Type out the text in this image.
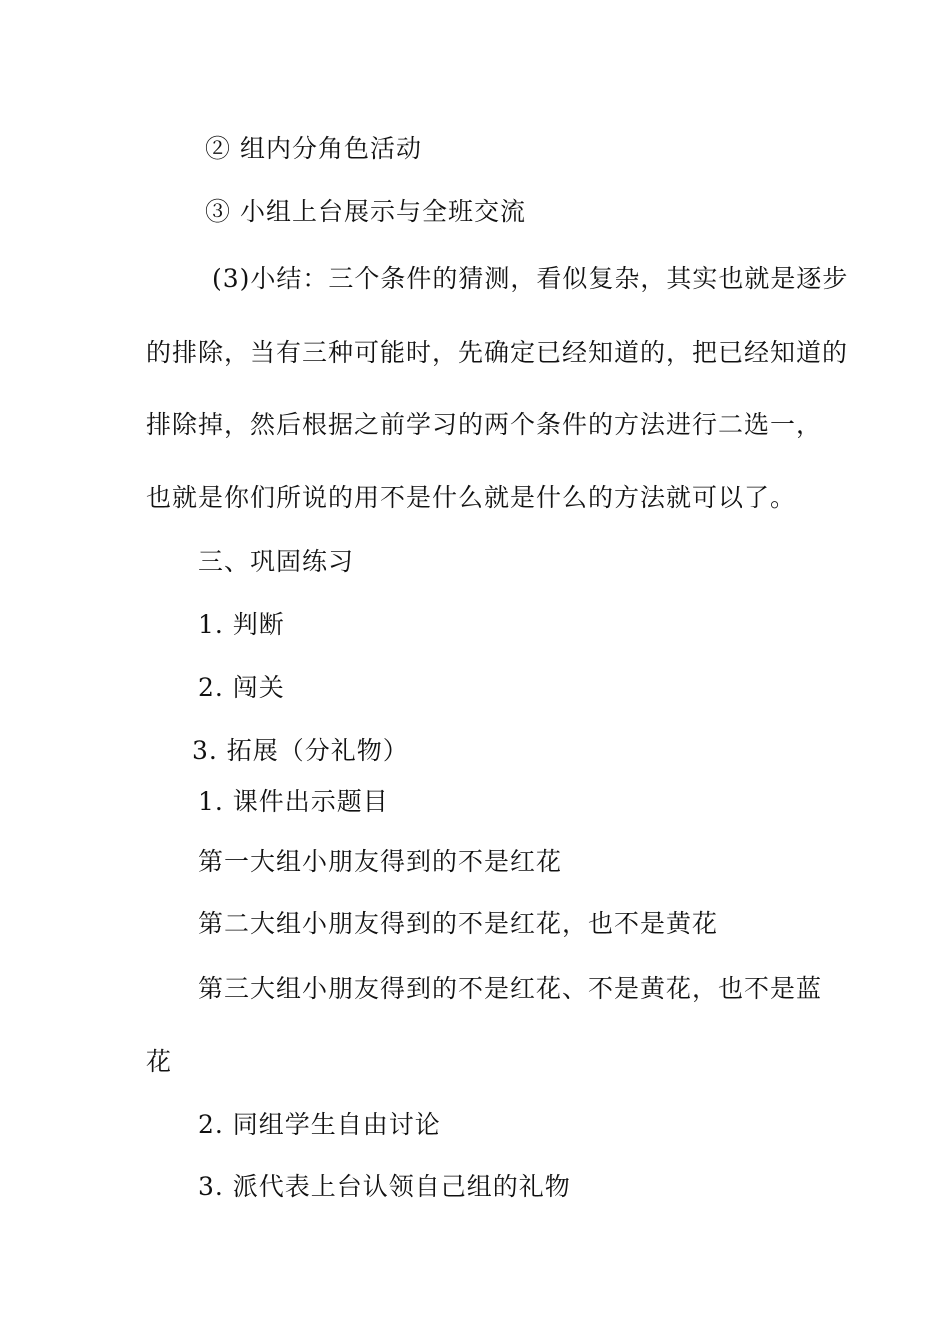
② 组内分角色活动
③ 小组上台展示与全班交流
(3)小结：三个条件的猜测，看似复杂，其实也就是逐步
的排除，当有三种可能时，先确定已经知道的，把已经知道的
排除掉，然后根据之前学习的两个条件的方法进行二选一，
也就是你们所说的用不是什么就是什么的方法就可以了。
三、巩固练习
1. 判断
2. 闯关
3. 拓展（分礼物）
1. 课件出示题目
第一大组小朋友得到的不是红花
第二大组小朋友得到的不是红花，也不是黄花
第三大组小朋友得到的不是红花、不是黄花，也不是蓝
花
2. 同组学生自由讨论
3. 派代表上台认领自己组的礼物
